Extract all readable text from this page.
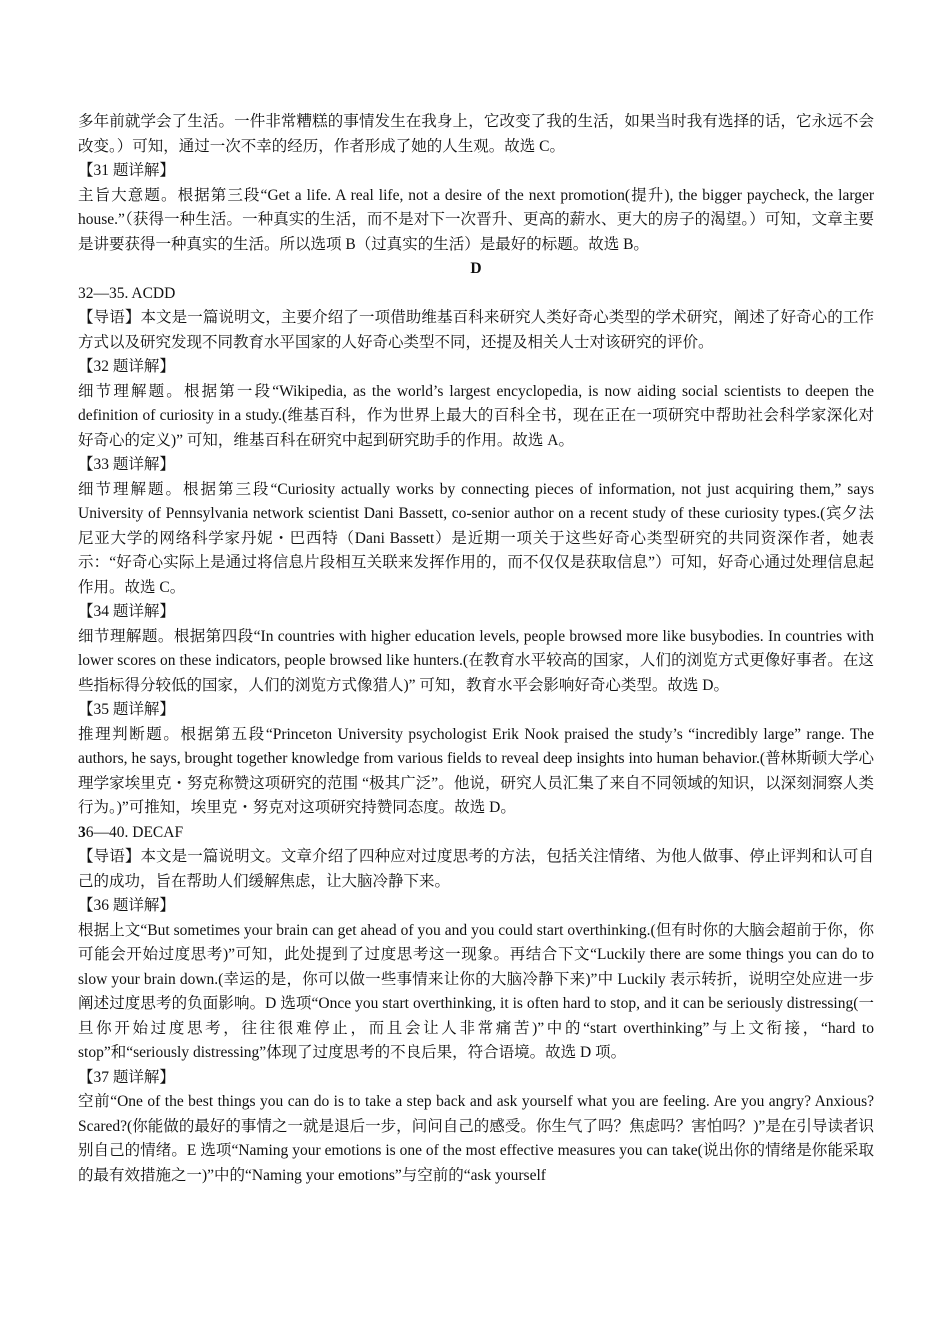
多年前就学会了生活。一件非常糟糕的事情发生在我身上，它改变了我的生活，如果当时我有选择的话，它永远不会改变。）可知，通过一次不幸的经历，作者形成了她的人生观。故选 C。

【31 题详解】

主旨大意题。根据第三段“Get a life. A real life, not a desire of the next promotion(提升), the bigger paycheck, the larger house.”（获得一种生活。一种真实的生活，而不是对下一次晋升、更高的薪水、更大的房子的渴望。）可知，文章主要是讲要获得一种真实的生活。所以选项 B（过真实的生活）是最好的标题。故选 B。

D

32—35. ACDD

【导语】本文是一篇说明文，主要介绍了一项借助维基百科来研究人类好奇心类型的学术研究，阐述了好奇心的工作方式以及研究发现不同教育水平国家的人好奇心类型不同，还提及相关人士对该研究的评价。

【32 题详解】

细节理解题。根据第一段“Wikipedia, as the world’s largest encyclopedia, is now aiding social scientists to deepen the definition of curiosity in a study.(维基百科，作为世界上最大的百科全书，现在正在一项研究中帮助社会科学家深化对好奇心的定义)” 可知，维基百科在研究中起到研究助手的作用。故选 A。

【33 题详解】

细节理解题。根据第三段“Curiosity actually works by connecting pieces of information, not just acquiring them,” says University of Pennsylvania network scientist Dani Bassett, co-senior author on a recent study of these curiosity types.(宾夕法尼亚大学的网络科学家丹妮・巴西特（Dani Bassett）是近期一项关于这些好奇心类型研究的共同资深作者，她表示：“好奇心实际上是通过将信息片段相互关联来发挥作用的，而不仅仅是获取信息”）可知，好奇心通过处理信息起作用。故选 C。

【34 题详解】

细节理解题。根据第四段“In countries with higher education levels, people browsed more like busybodies. In countries with lower scores on these indicators, people browsed like hunters.(在教育水平较高的国家，人们的浏览方式更像好事者。在这些指标得分较低的国家，人们的浏览方式像猎人)” 可知，教育水平会影响好奇心类型。故选 D。

【35 题详解】

推理判断题。根据第五段“Princeton University psychologist Erik Nook praised the study’s “incredibly large” range. The authors, he says, brought together knowledge from various fields to reveal deep insights into human behavior.(普林斯顿大学心理学家埃里克・努克称赞这项研究的范围 “极其广泛”。他说，研究人员汇集了来自不同领域的知识，以深刻洞察人类行为。)”可推知，埃里克・努克对这项研究持赞同态度。故选 D。

36—40. DECAF

【导语】本文是一篇说明文。文章介绍了四种应对过度思考的方法，包括关注情绪、为他人做事、停止评判和认可自己的成功，旨在帮助人们缓解焦虑，让大脑冷静下来。

【36 题详解】

根据上文“But sometimes your brain can get ahead of you and you could start overthinking.(但有时你的大脑会超前于你，你可能会开始过度思考)”可知，此处提到了过度思考这一现象。再结合下文“Luckily there are some things you can do to slow your brain down.(幸运的是，你可以做一些事情来让你的大脑冷静下来)”中 Luckily 表示转折，说明空处应进一步阐述过度思考的负面影响。D 选项“Once you start overthinking, it is often hard to stop, and it can be seriously distressing(一旦你开始过度思考，往往很难停止，而且会让人非常痛苦)”中的“start overthinking”与上文衔接，“hard to stop”和“seriously distressing”体现了过度思考的不良后果，符合语境。故选 D 项。

【37 题详解】

空前“One of the best things you can do is to take a step back and ask yourself what you are feeling. Are you angry? Anxious? Scared?(你能做的最好的事情之一就是退后一步，问问自己的感受。你生气了吗？焦虑吗？害怕吗？)”是在引导读者识别自己的情绪。E 选项“Naming your emotions is one of the most effective measures you can take(说出你的情绪是你能采取的最有效措施之一)”中的“Naming your emotions”与空前的“ask yourself
